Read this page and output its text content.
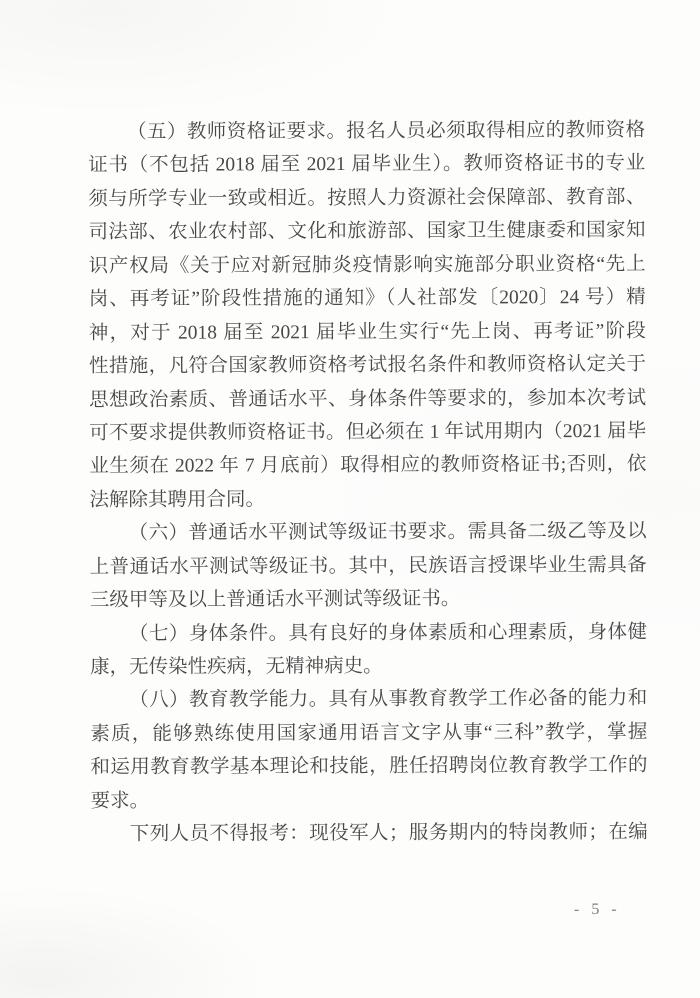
（五）教师资格证要求。报名人员必须取得相应的教师资格
证书（不包括 2018 届至 2021 届毕业生）。教师资格证书的专业
须与所学专业一致或相近。按照人力资源社会保障部、教育部、
司法部、农业农村部、文化和旅游部、国家卫生健康委和国家知
识产权局《关于应对新冠肺炎疫情影响实施部分职业资格“先上
岗、再考证”阶段性措施的通知》（人社部发〔2020〕24 号）精
神，对于 2018 届至 2021 届毕业生实行“先上岗、再考证”阶段
性措施，凡符合国家教师资格考试报名条件和教师资格认定关于
思想政治素质、普通话水平、身体条件等要求的，参加本次考试
可不要求提供教师资格证书。但必须在 1 年试用期内（2021 届毕
业生须在 2022 年 7 月底前）取得相应的教师资格证书;否则，依
法解除其聘用合同。
（六）普通话水平测试等级证书要求。需具备二级乙等及以
上普通话水平测试等级证书。其中，民族语言授课毕业生需具备
三级甲等及以上普通话水平测试等级证书。
（七）身体条件。具有良好的身体素质和心理素质，身体健
康，无传染性疾病，无精神病史。
（八）教育教学能力。具有从事教育教学工作必备的能力和
素质，能够熟练使用国家通用语言文字从事“三科”教学，掌握
和运用教育教学基本理论和技能，胜任招聘岗位教育教学工作的
要求。
下列人员不得报考：现役军人；服务期内的特岗教师；在编
- 5 -
